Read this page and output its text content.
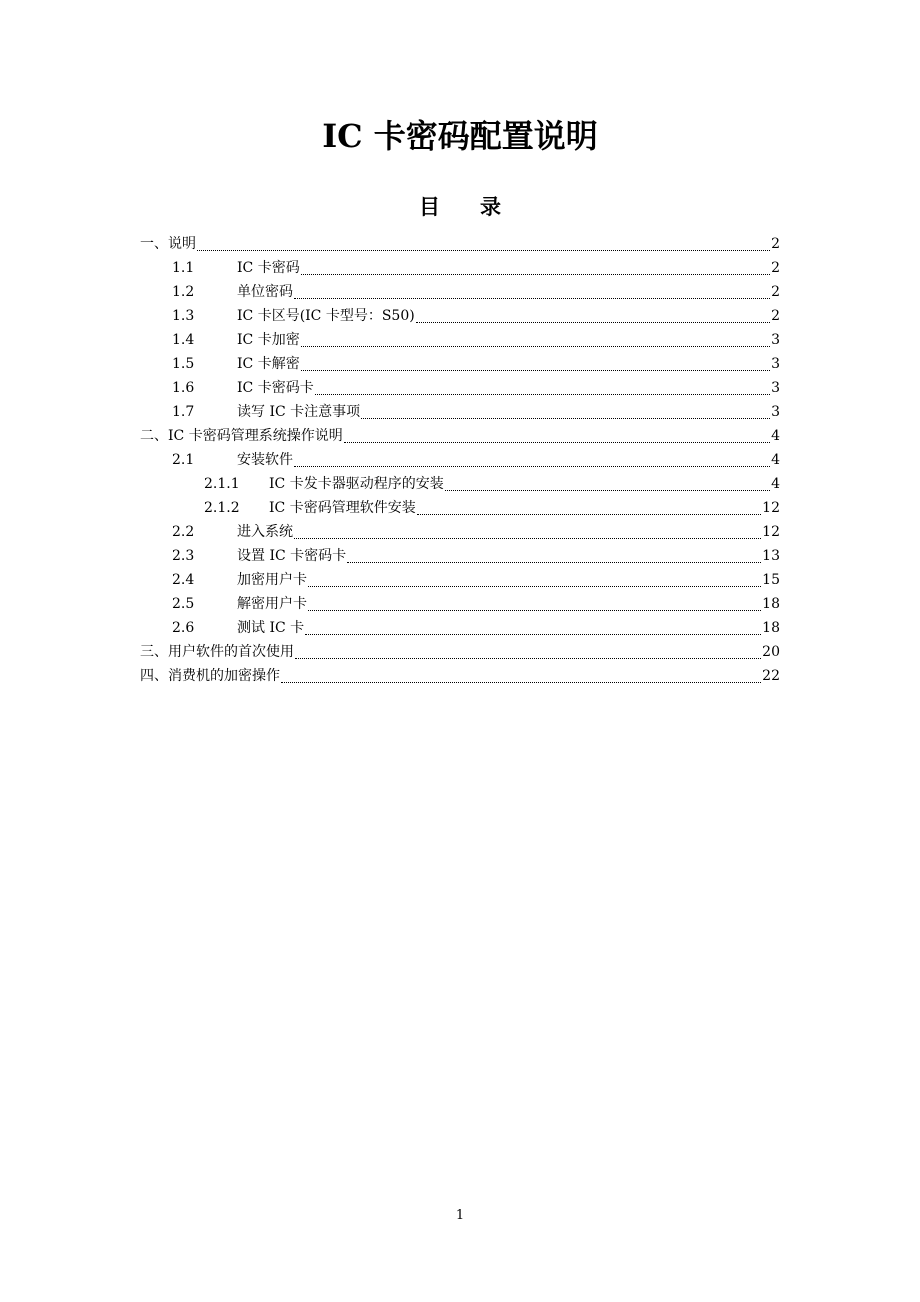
IC 卡密码配置说明
目 录
一、 说明	2
1.1	IC 卡密码	2
1.2	单位密码	2
1.3	IC 卡区号(IC 卡型号：S50)	2
1.4	IC 卡加密	3
1.5	IC 卡解密	3
1.6	IC 卡密码卡	3
1.7	读写 IC 卡注意事项	3
二、 IC 卡密码管理系统操作说明	4
2.1	安装软件	4
2.1.1	IC 卡发卡器驱动程序的安装	4
2.1.2	IC 卡密码管理软件安装	12
2.2	进入系统	12
2.3	设置 IC 卡密码卡	13
2.4	加密用户卡	15
2.5	解密用户卡	18
2.6	测试 IC 卡	18
三、 用户软件的首次使用	20
四、 消费机的加密操作	22
1
